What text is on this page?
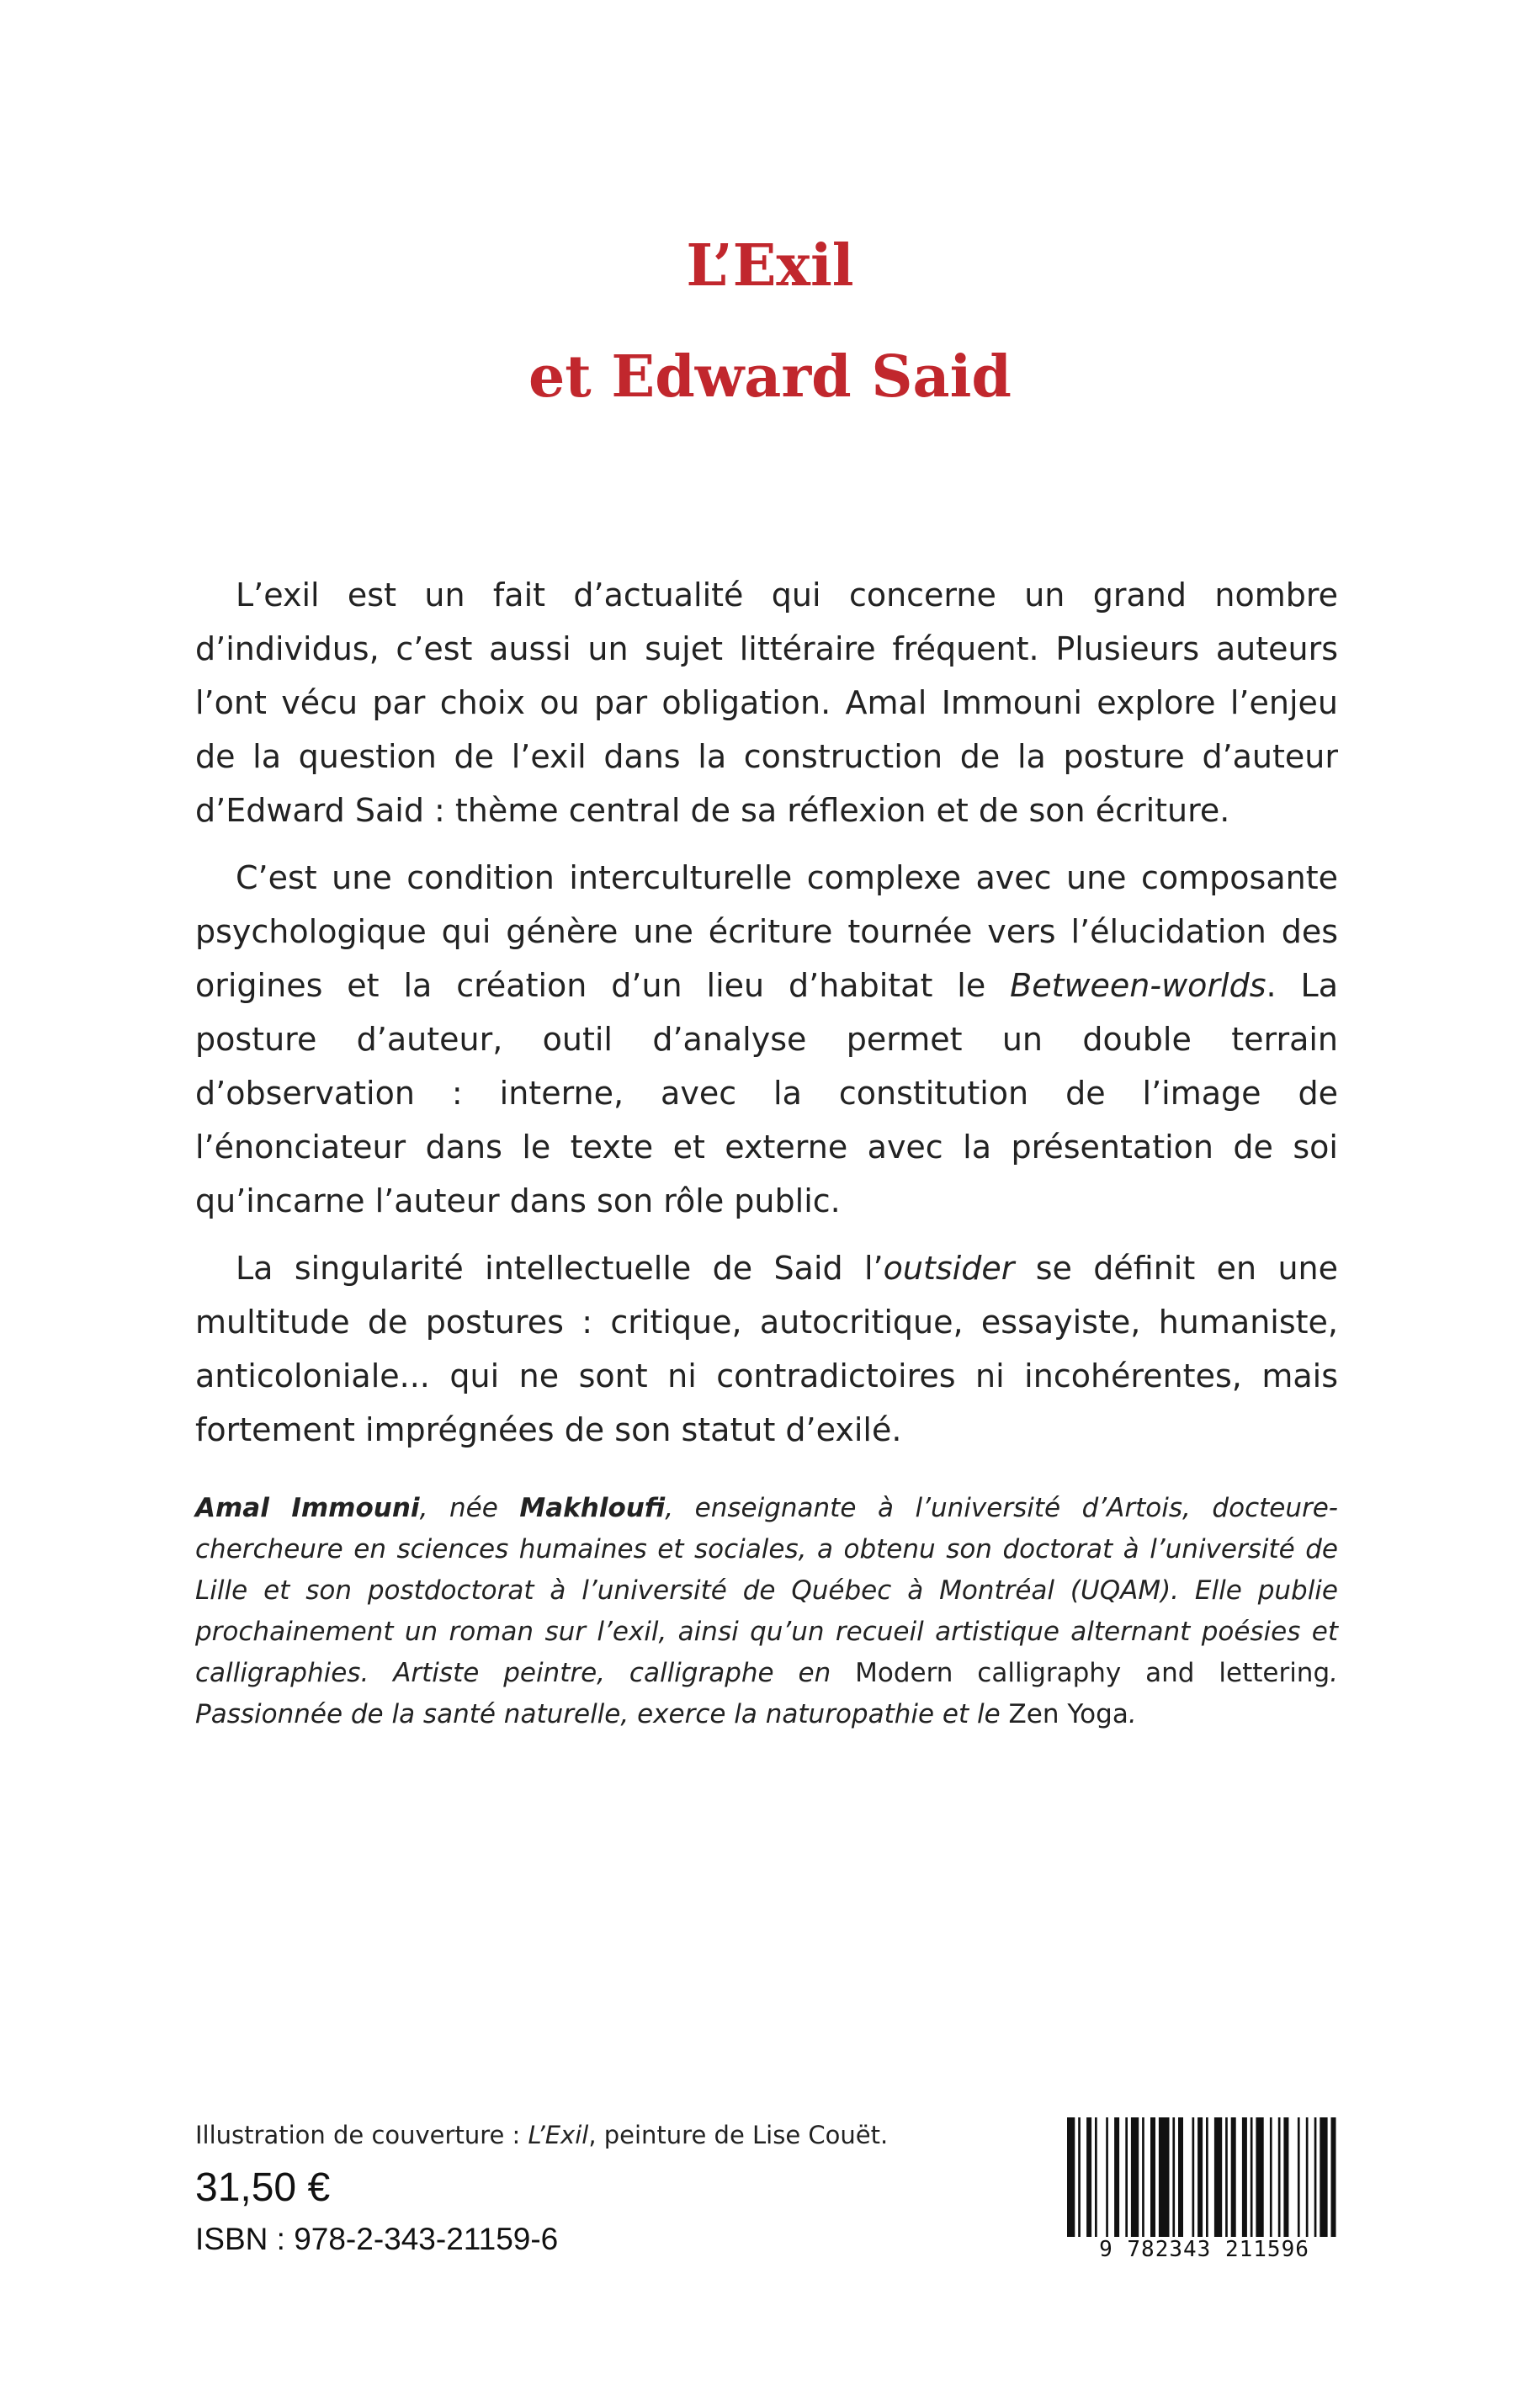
L’Exil
et Edward Said

L’exil est un fait d’actualité qui concerne un grand nombre d’individus, c’est aussi un sujet littéraire fréquent. Plusieurs auteurs l’ont vécu par choix ou par obligation. Amal Immouni explore l’enjeu de la question de l’exil dans la construction de la posture d’auteur d’Edward Said : thème central de sa réflexion et de son écriture.

C’est une condition interculturelle complexe avec une composante psychologique qui génère une écriture tournée vers l’élucidation des origines et la création d’un lieu d’habitat le Between-worlds. La posture d’auteur, outil d’analyse permet un double terrain d’observation : interne, avec la constitution de l’image de l’énonciateur dans le texte et externe avec la présentation de soi qu’incarne l’auteur dans son rôle public.

La singularité intellectuelle de Said l’outsider se définit en une multitude de postures : critique, autocritique, essayiste, humaniste, anticoloniale... qui ne sont ni contradictoires ni incohérentes, mais fortement imprégnées de son statut d’exilé.

Amal Immouni, née Makhloufi, enseignante à l’université d’Artois, docteure-chercheure en sciences humaines et sociales, a obtenu son doctorat à l’université de Lille et son postdoctorat à l’université de Québec à Montréal (UQAM). Elle publie prochainement un roman sur l’exil, ainsi qu’un recueil artistique alternant poésies et calligraphies. Artiste peintre, calligraphe en Modern calligraphy and lettering. Passionnée de la santé naturelle, exerce la naturopathie et le Zen Yoga.
Illustration de couverture : L’Exil, peinture de Lise Couët.
31,50 €
ISBN : 978-2-343-21159-6	9 782343 211596
